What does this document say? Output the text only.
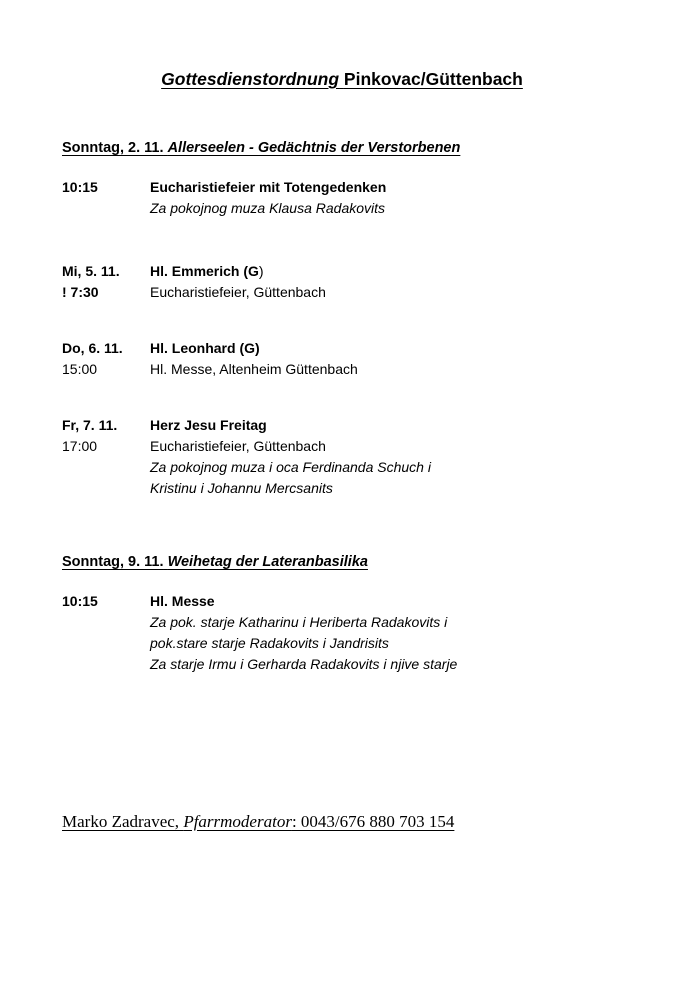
Gottesdienstordnung Pinkovac/Güttenbach
Sonntag, 2. 11. Allerseelen - Gedächtnis der Verstorbenen
10:15	Eucharistiefeier mit Totengedenken
Za pokojnog muza Klausa Radakovits
Mi, 5. 11.	Hl. Emmerich (G)
! 7:30	Eucharistiefeier, Güttenbach
Do, 6. 11.	Hl. Leonhard (G)
15:00	Hl. Messe, Altenheim Güttenbach
Fr, 7. 11.	Herz Jesu Freitag
17:00	Eucharistiefeier, Güttenbach
Za pokojnog muza i oca Ferdinanda Schuch i
Kristinu i Johannu Mercsanits
Sonntag, 9. 11. Weihetag der Lateranbasilika
10:15	Hl. Messe
Za pok. starje Katharinu i Heriberta Radakovits i
pok.stare starje Radakovits i Jandrisits
Za starje Irmu i Gerharda Radakovits i njive starje
Marko Zadravec, Pfarrmoderator: 0043/676 880 703 154
